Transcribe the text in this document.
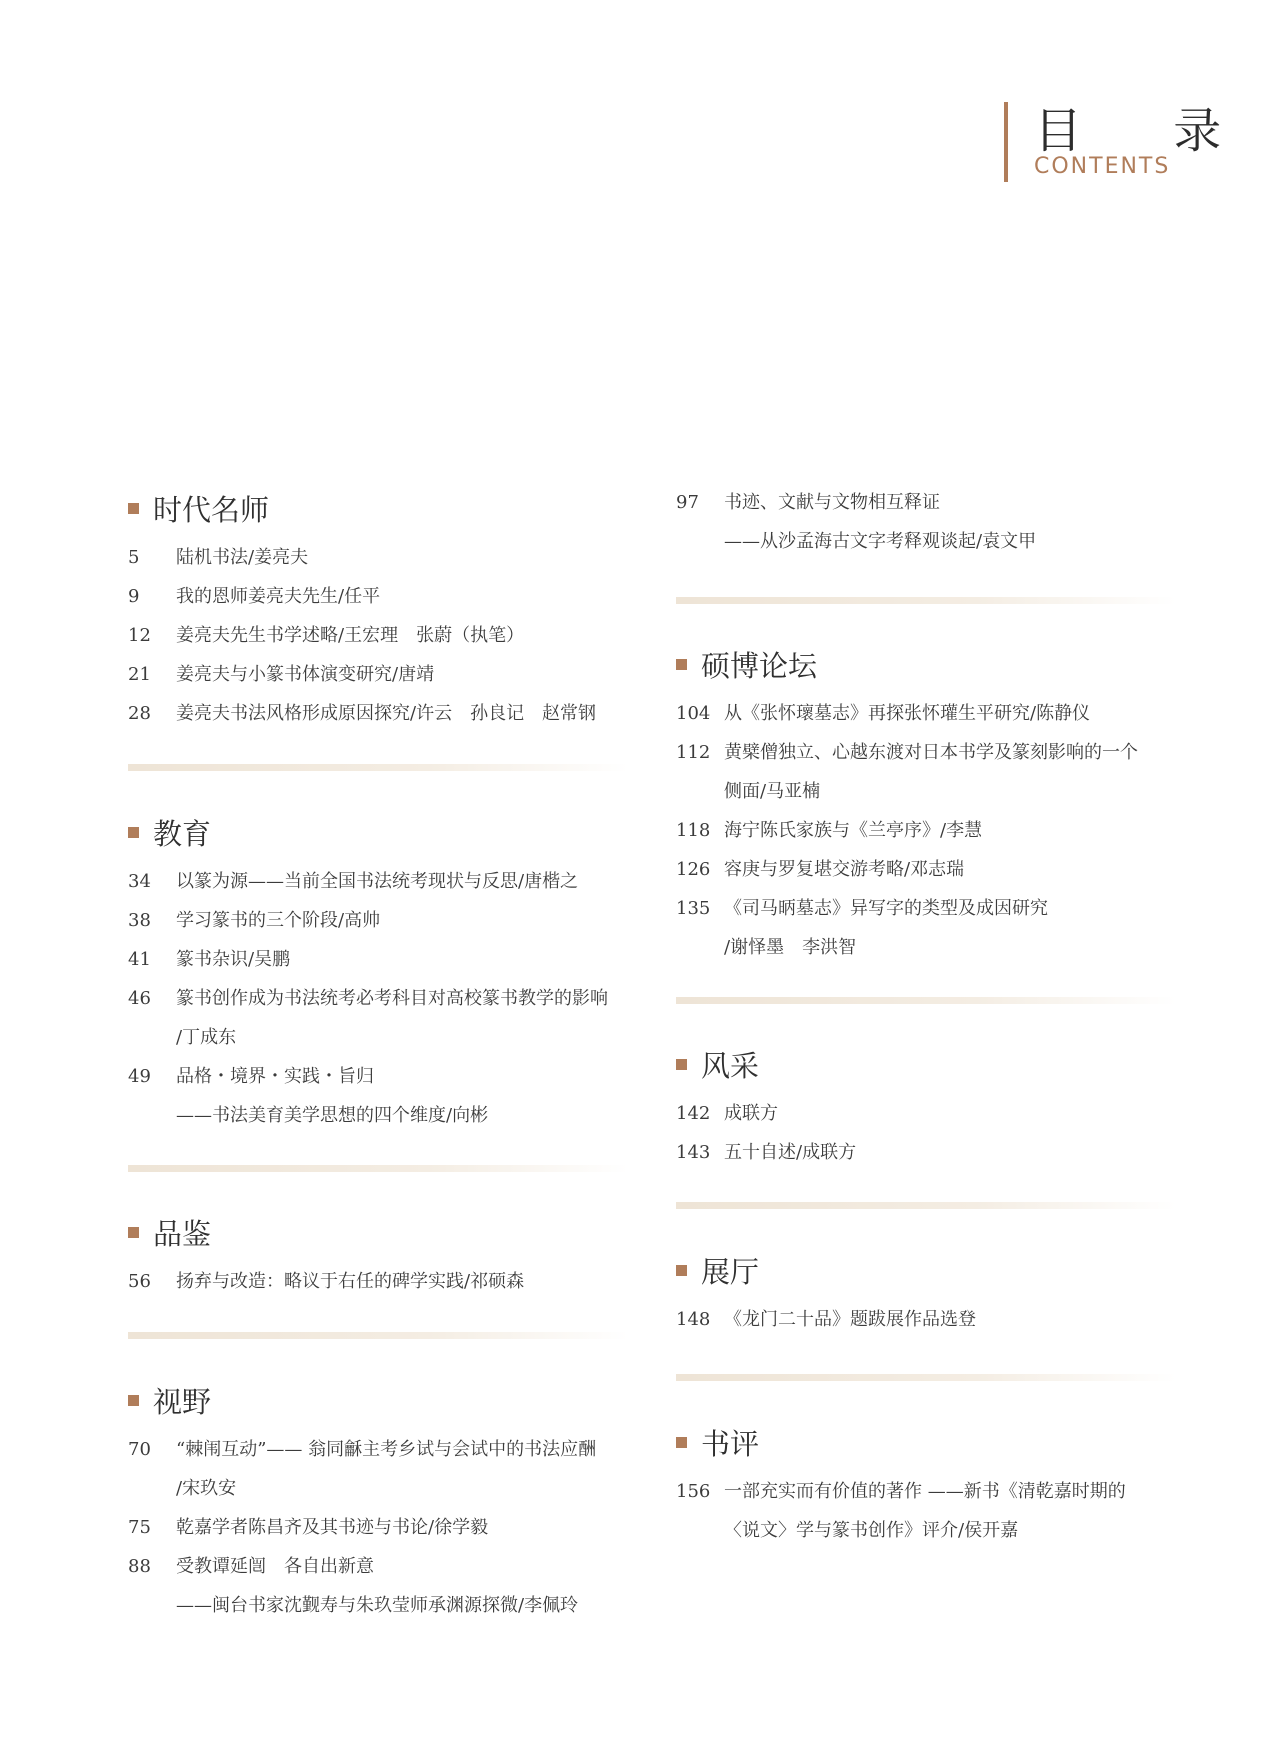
目 录
CONTENTS
时代名师
5	陆机书法/姜亮夫
9	我的恩师姜亮夫先生/任平
12	姜亮夫先生书学述略/王宏理　张蔚（执笔）
21	姜亮夫与小篆书体演变研究/唐靖
28	姜亮夫书法风格形成原因探究/许云　孙良记　赵常钢
教育
34	以篆为源——当前全国书法统考现状与反思/唐楷之
38	学习篆书的三个阶段/高帅
41	篆书杂识/吴鹏
46	篆书创作成为书法统考必考科目对高校篆书教学的影响
/丁成东
49	品格・境界・实践・旨归
——书法美育美学思想的四个维度/向彬
品鉴
56	扬弃与改造：略议于右任的碑学实践/祁硕森
视野
70	“棘闱互动”—— 翁同龢主考乡试与会试中的书法应酬
/宋玖安
75	乾嘉学者陈昌齐及其书迹与书论/徐学毅
88	受教谭延闿　各自出新意
——闽台书家沈觐寿与朱玖莹师承渊源探微/李佩玲
97	书迹、文献与文物相互释证
——从沙孟海古文字考释观谈起/袁文甲
硕博论坛
104 从《张怀瓌墓志》再探张怀瓘生平研究/陈静仪
112 黄檗僧独立、心越东渡对日本书学及篆刻影响的一个
侧面/马亚楠
118 海宁陈氏家族与《兰亭序》/李慧
126 容庚与罗复堪交游考略/邓志瑞
135 《司马昞墓志》异写字的类型及成因研究
/谢怿墨　李洪智
风采
142 成联方
143 五十自述/成联方
展厅
148 《龙门二十品》题跋展作品选登
书评
156 一部充实而有价值的著作 ——新书《清乾嘉时期的
〈说文〉学与篆书创作》评介/侯开嘉
